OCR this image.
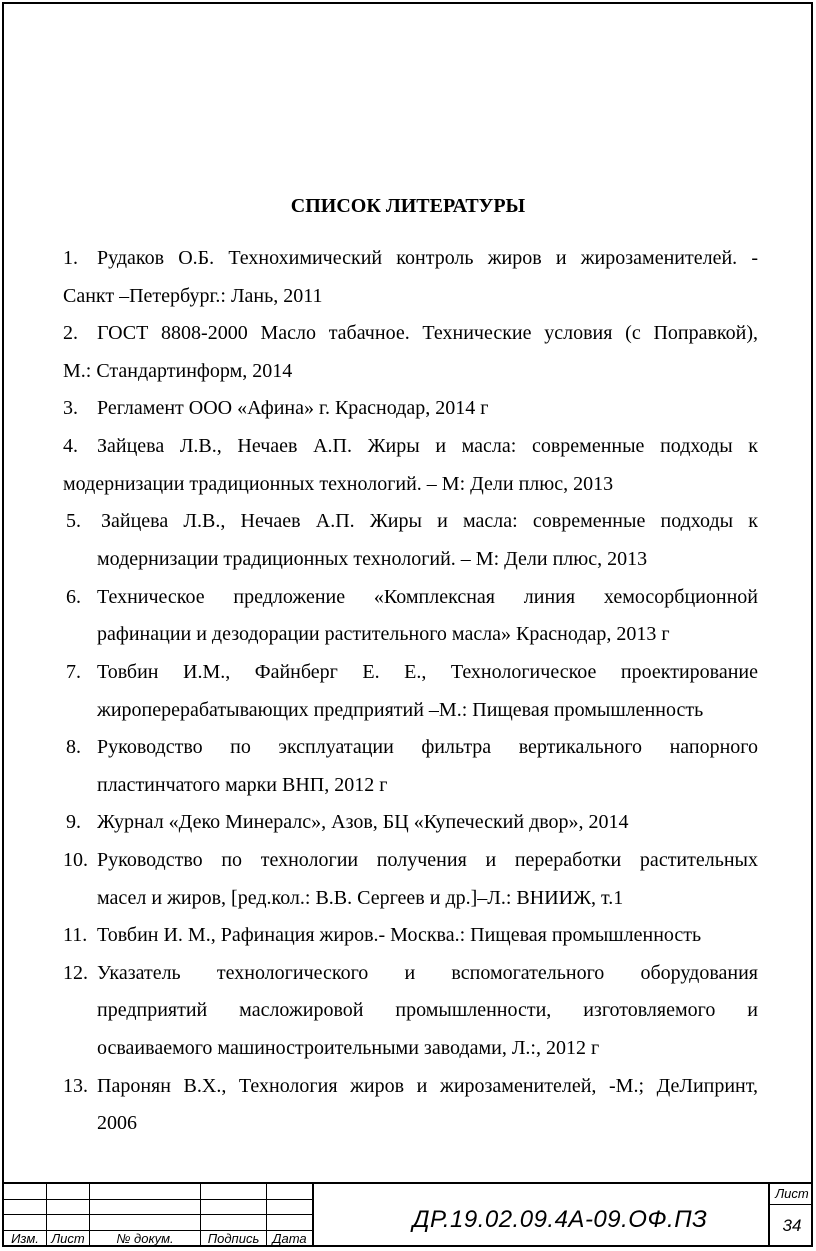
СПИСОК ЛИТЕРАТУРЫ
1. Рудаков О.Б. Технохимический контроль жиров и жирозаменителей. -
Санкт –Петербург.: Лань, 2011
2. ГОСТ 8808-2000 Масло табачное. Технические условия (с Поправкой),
М.: Стандартинформ, 2014
3. Регламент ООО «Афина» г. Краснодар, 2014 г
4. Зайцева Л.В., Нечаев А.П. Жиры и масла: современные подходы к
модернизации традиционных технологий. – М: Дели плюс, 2013
5. Зайцева Л.В., Нечаев А.П. Жиры и масла: современные подходы к
модернизации традиционных технологий. – М: Дели плюс, 2013
6. Техническое предложение «Комплексная линия хемосорбционной
рафинации и дезодорации растительного масла» Краснодар, 2013 г
7. Товбин И.М., Файнберг Е. Е., Технологическое проектирование
жироперерабатывающих предприятий –М.: Пищевая промышленность
8. Руководство по эксплуатации фильтра вертикального напорного
пластинчатого марки ВНП, 2012 г
9. Журнал «Деко Минералс», Азов, БЦ «Купеческий двор», 2014
10. Руководство по технологии получения и переработки растительных
масел и жиров, [ред.кол.: В.В. Сергеев и др.]–Л.: ВНИИЖ, т.1
11. Товбин И. М., Рафинация жиров.- Москва.: Пищевая промышленность
12. Указатель технологического и вспомогательного оборудования
предприятий масложировой промышленности, изготовляемого и
осваиваемого машиностроительными заводами, Л.:, 2012 г
13. Паронян В.Х., Технология жиров и жирозаменителей, -М.; ДеЛипринт,
2006
Изм. Лист	№ докум.	Подпись	Дата
ДР.19.02.09.4А-09.ОФ.ПЗ
Лист
34
